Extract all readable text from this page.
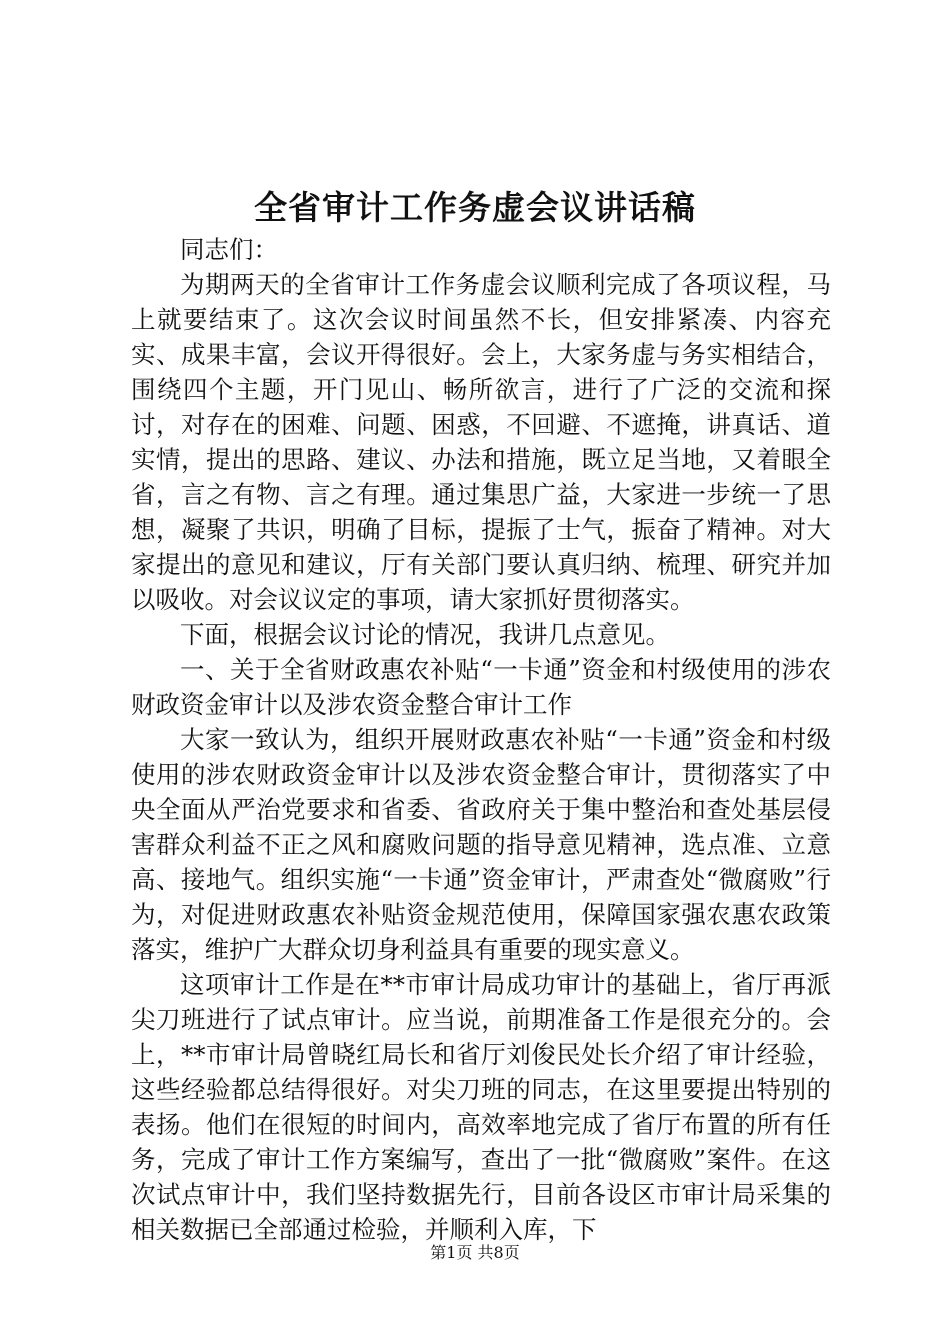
全省审计工作务虚会议讲话稿

同志们：

为期两天的全省审计工作务虚会议顺利完成了各项议程，马上就要结束了。这次会议时间虽然不长，但安排紧凑、内容充实、成果丰富，会议开得很好。会上，大家务虚与务实相结合，围绕四个主题，开门见山、畅所欲言，进行了广泛的交流和探讨，对存在的困难、问题、困惑，不回避、不遮掩，讲真话、道实情，提出的思路、建议、办法和措施，既立足当地，又着眼全省，言之有物、言之有理。通过集思广益，大家进一步统一了思想，凝聚了共识，明确了目标，提振了士气，振奋了精神。对大家提出的意见和建议，厅有关部门要认真归纳、梳理、研究并加以吸收。对会议议定的事项，请大家抓好贯彻落实。

下面，根据会议讨论的情况，我讲几点意见。

一、关于全省财政惠农补贴“一卡通”资金和村级使用的涉农财政资金审计以及涉农资金整合审计工作

大家一致认为，组织开展财政惠农补贴“一卡通”资金和村级使用的涉农财政资金审计以及涉农资金整合审计，贯彻落实了中央全面从严治党要求和省委、省政府关于集中整治和查处基层侵害群众利益不正之风和腐败问题的指导意见精神，选点准、立意高、接地气。组织实施“一卡通”资金审计，严肃查处“微腐败”行为，对促进财政惠农补贴资金规范使用，保障国家强农惠农政策落实，维护广大群众切身利益具有重要的现实意义。

这项审计工作是在**市审计局成功审计的基础上，省厅再派尖刀班进行了试点审计。应当说，前期准备工作是很充分的。会上，**市审计局曾晓红局长和省厅刘俊民处长介绍了审计经验，这些经验都总结得很好。对尖刀班的同志，在这里要提出特别的表扬。他们在很短的时间内，高效率地完成了省厅布置的所有任务，完成了审计工作方案编写，查出了一批“微腐败”案件。在这次试点审计中，我们坚持数据先行，目前各设区市审计局采集的相关数据已全部通过检验，并顺利入库，下

第1页 共8页
